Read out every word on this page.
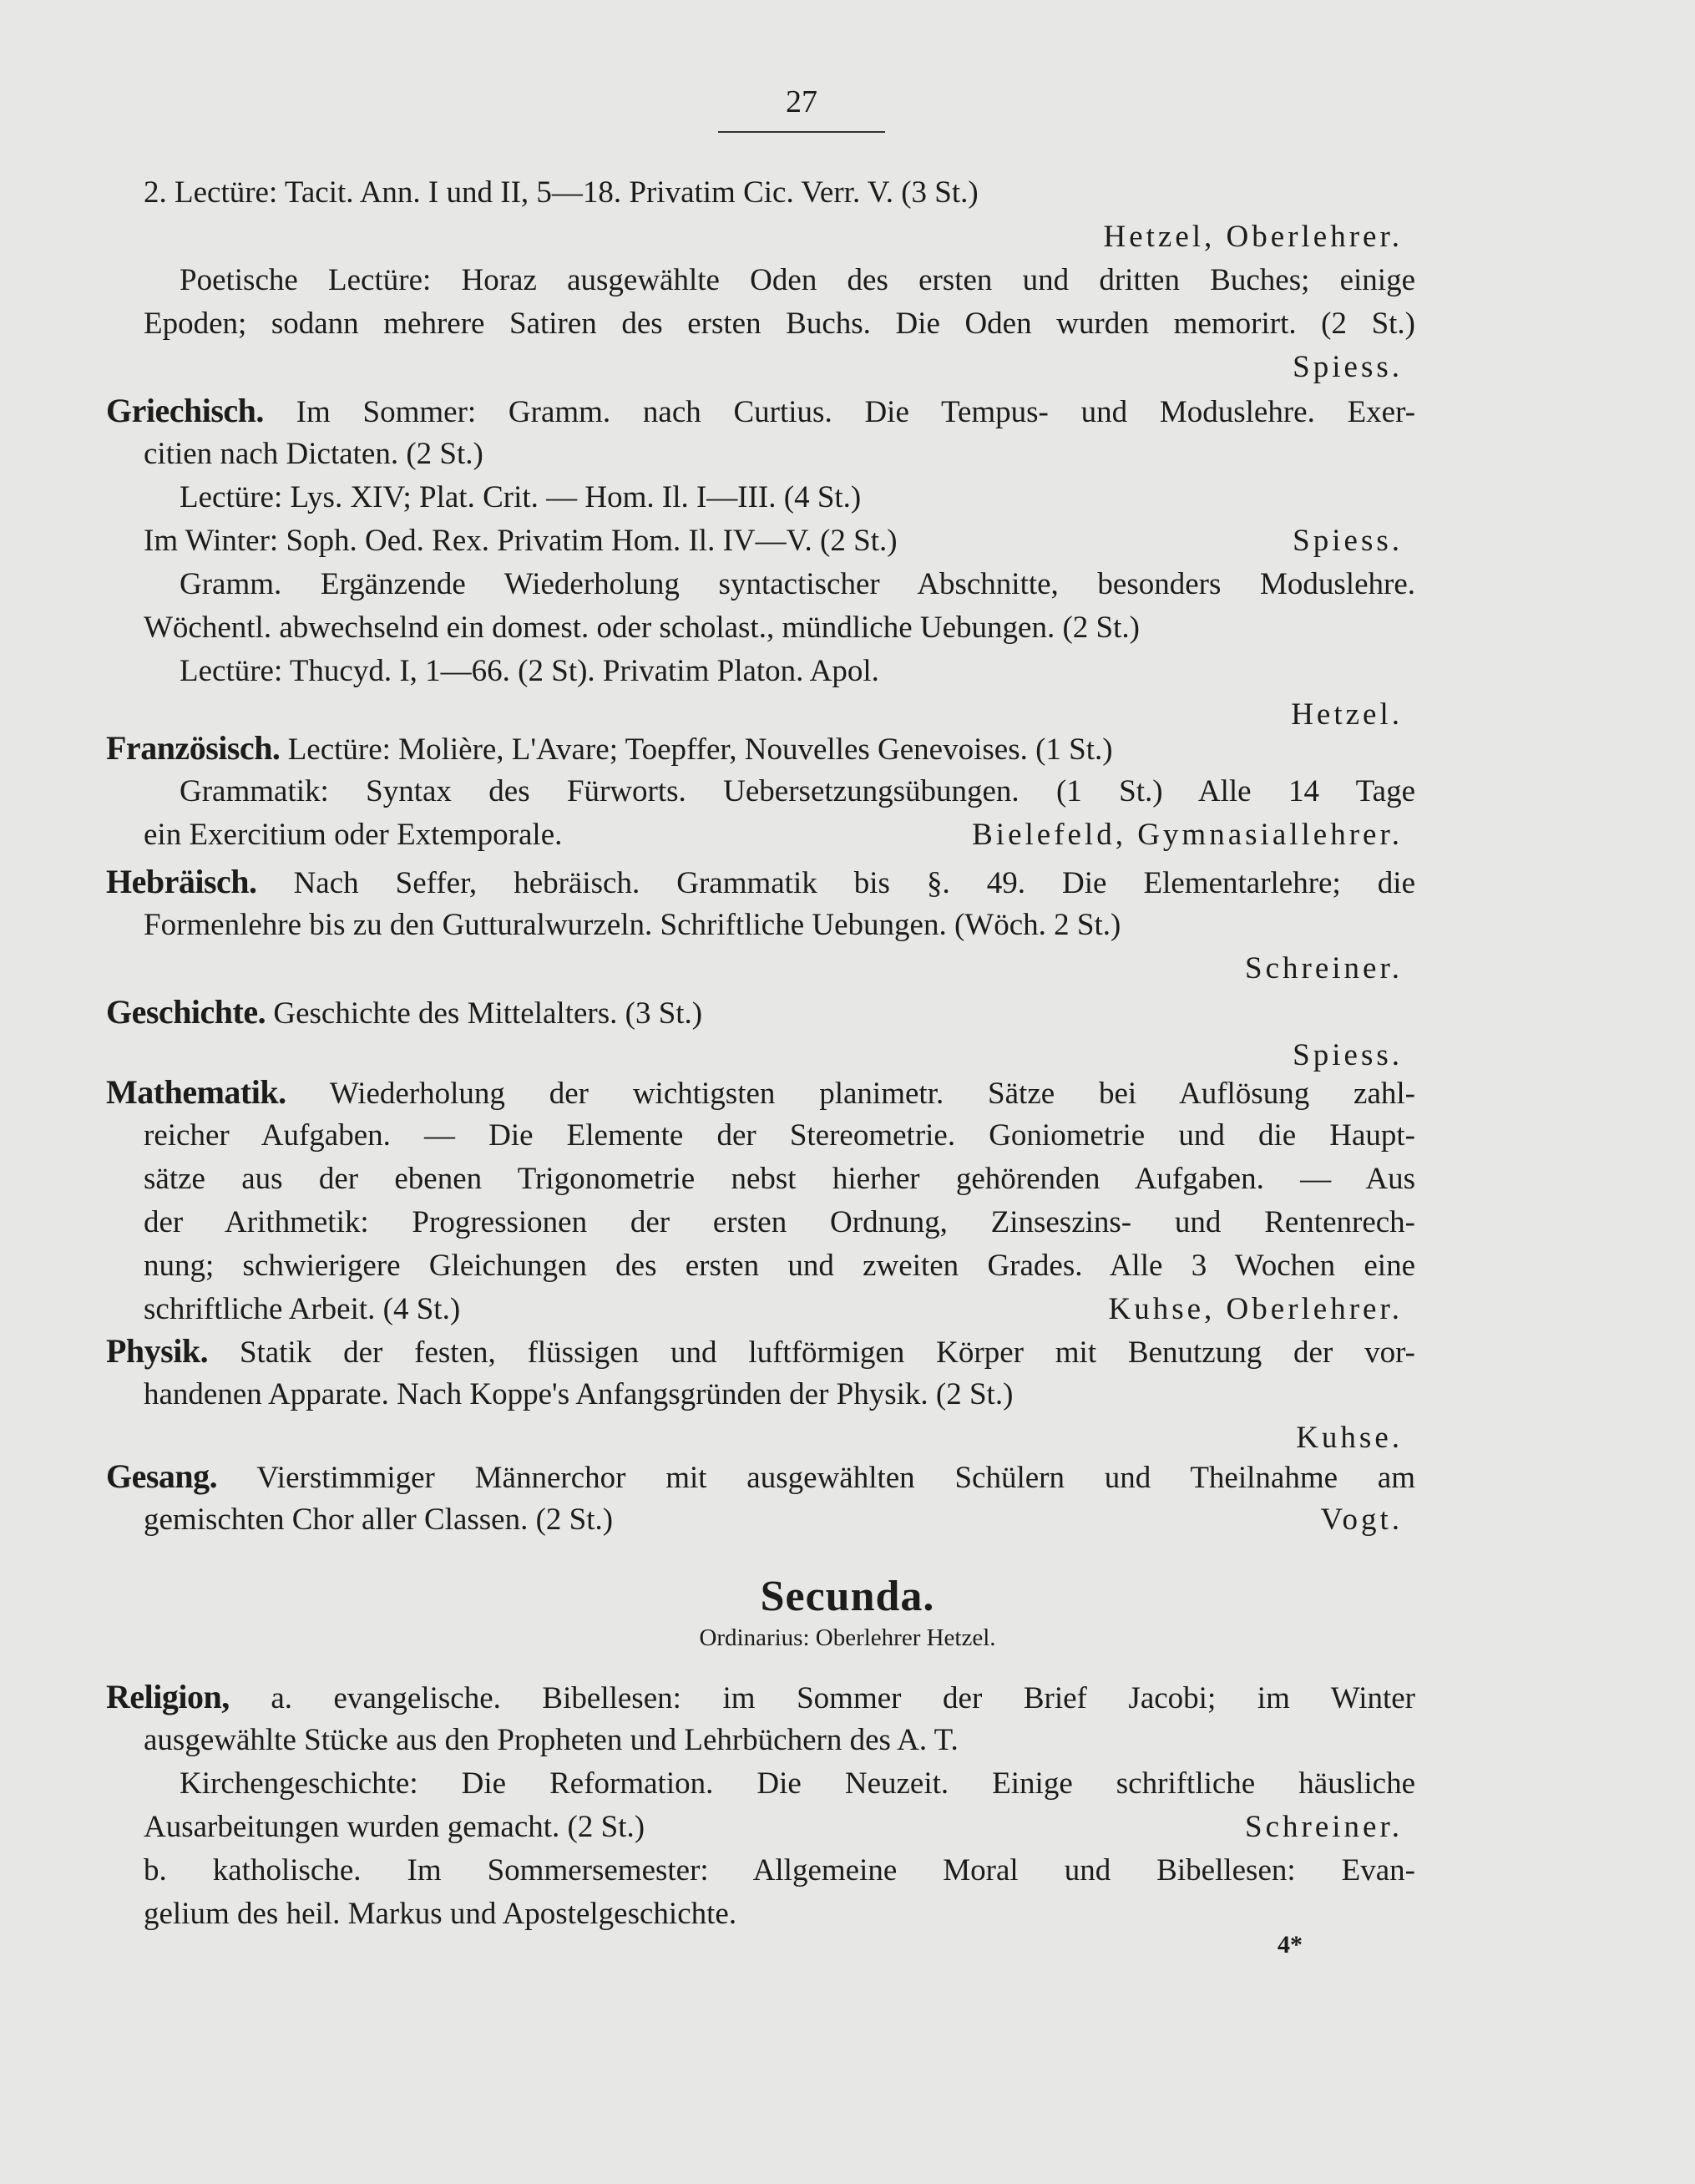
27
2. Lectüre: Tacit. Ann. I und II, 5—18. Privatim Cic. Verr. V. (3 St.)
Hetzel, Oberlehrer.
Poetische Lectüre: Horaz ausgewählte Oden des ersten und dritten Buches; einige
Epoden; sodann mehrere Satiren des ersten Buchs. Die Oden wurden memorirt. (2 St.)
Spiess.
Griechisch. Im Sommer: Gramm. nach Curtius. Die Tempus- und Moduslehre. Exer-
citien nach Dictaten. (2 St.)
Lectüre: Lys. XIV; Plat. Crit. — Hom. Il. I—III. (4 St.)
Im Winter: Soph. Oed. Rex. Privatim Hom. Il. IV—V. (2 St.)	Spiess.
Gramm. Ergänzende Wiederholung syntactischer Abschnitte, besonders Moduslehre.
Wöchentl. abwechselnd ein domest. oder scholast., mündliche Uebungen. (2 St.)
Lectüre: Thucyd. I, 1—66. (2 St). Privatim Platon. Apol.
Hetzel.
Französisch. Lectüre: Molière, L'Avare; Toepffer, Nouvelles Genevoises. (1 St.)
Grammatik: Syntax des Fürworts. Uebersetzungsübungen. (1 St.) Alle 14 Tage
ein Exercitium oder Extemporale.	Bielefeld, Gymnasiallehrer.
Hebräisch. Nach Seffer, hebräisch. Grammatik bis §. 49. Die Elementarlehre; die
Formenlehre bis zu den Gutturalwurzeln. Schriftliche Uebungen. (Wöch. 2 St.)
Schreiner.
Geschichte. Geschichte des Mittelalters. (3 St.)
Spiess.
Mathematik. Wiederholung der wichtigsten planimetr. Sätze bei Auflösung zahl-
reicher Aufgaben. — Die Elemente der Stereometrie. Goniometrie und die Haupt-
sätze aus der ebenen Trigonometrie nebst hierher gehörenden Aufgaben. — Aus
der Arithmetik: Progressionen der ersten Ordnung, Zinseszins- und Rentenrech-
nung; schwierigere Gleichungen des ersten und zweiten Grades. Alle 3 Wochen eine
schriftliche Arbeit. (4 St.)	Kuhse, Oberlehrer.
Physik. Statik der festen, flüssigen und luftförmigen Körper mit Benutzung der vor-
handenen Apparate. Nach Koppe's Anfangsgründen der Physik. (2 St.)
Kuhse.
Gesang. Vierstimmiger Männerchor mit ausgewählten Schülern und Theilnahme am
gemischten Chor aller Classen. (2 St.)	Vogt.
Secunda.
Ordinarius: Oberlehrer Hetzel.
Religion, a. evangelische. Bibellesen: im Sommer der Brief Jacobi; im Winter
ausgewählte Stücke aus den Propheten und Lehrbüchern des A. T.
Kirchengeschichte: Die Reformation. Die Neuzeit. Einige schriftliche häusliche
Ausarbeitungen wurden gemacht. (2 St.)	Schreiner.
b. katholische. Im Sommersemester: Allgemeine Moral und Bibellesen: Evan-
gelium des heil. Markus und Apostelgeschichte.
4*
